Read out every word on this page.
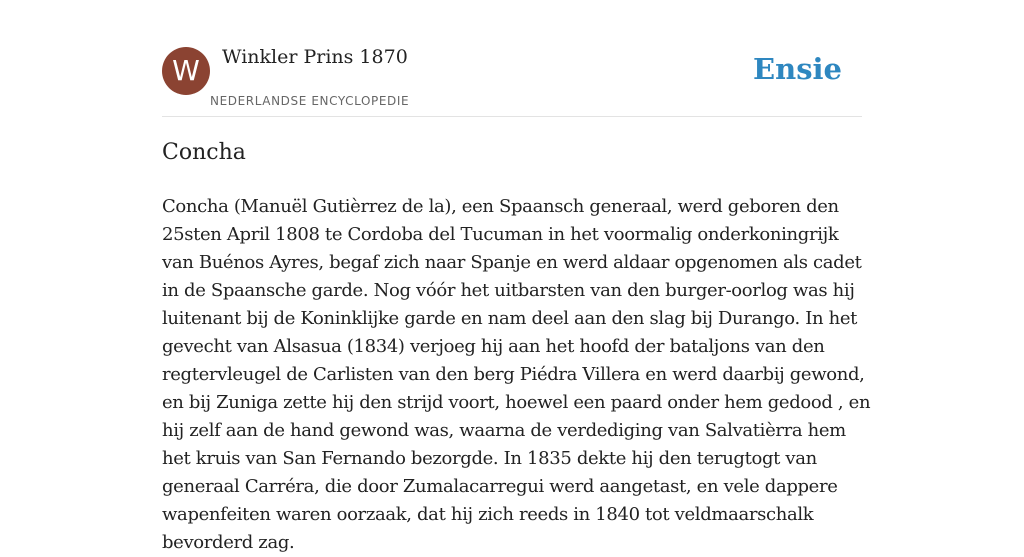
W	Winkler Prins 1870
NEDERLANDSE ENCYCLOPEDIE
Ensie
Concha

Concha (Manuël Gutièrrez de la), een Spaansch generaal, werd geboren den 25sten April 1808 te Cordoba del Tucuman in het voormalig onderkoningrijk van Buénos Ayres, begaf zich naar Spanje en werd aldaar opgenomen als cadet in de Spaansche garde. Nog vóór het uitbarsten van den burger-oorlog was hij luitenant bij de Koninklijke garde en nam deel aan den slag bij Durango. In het gevecht van Alsasua (1834) verjoeg hij aan het hoofd der bataljons van den regtervleugel de Carlisten van den berg Piédra Villera en werd daarbij gewond, en bij Zuniga zette hij den strijd voort, hoewel een paard onder hem gedood , en hij zelf aan de hand gewond was, waarna de verdediging van Salvatièrra hem het kruis van San Fernando bezorgde. In 1835 dekte hij den terugtogt van generaal Carréra, die door Zumalacarregui werd aangetast, en vele dappere wapenfeiten waren oorzaak, dat hij zich reeds in 1840 tot veldmaarschalk bevorderd zag.
